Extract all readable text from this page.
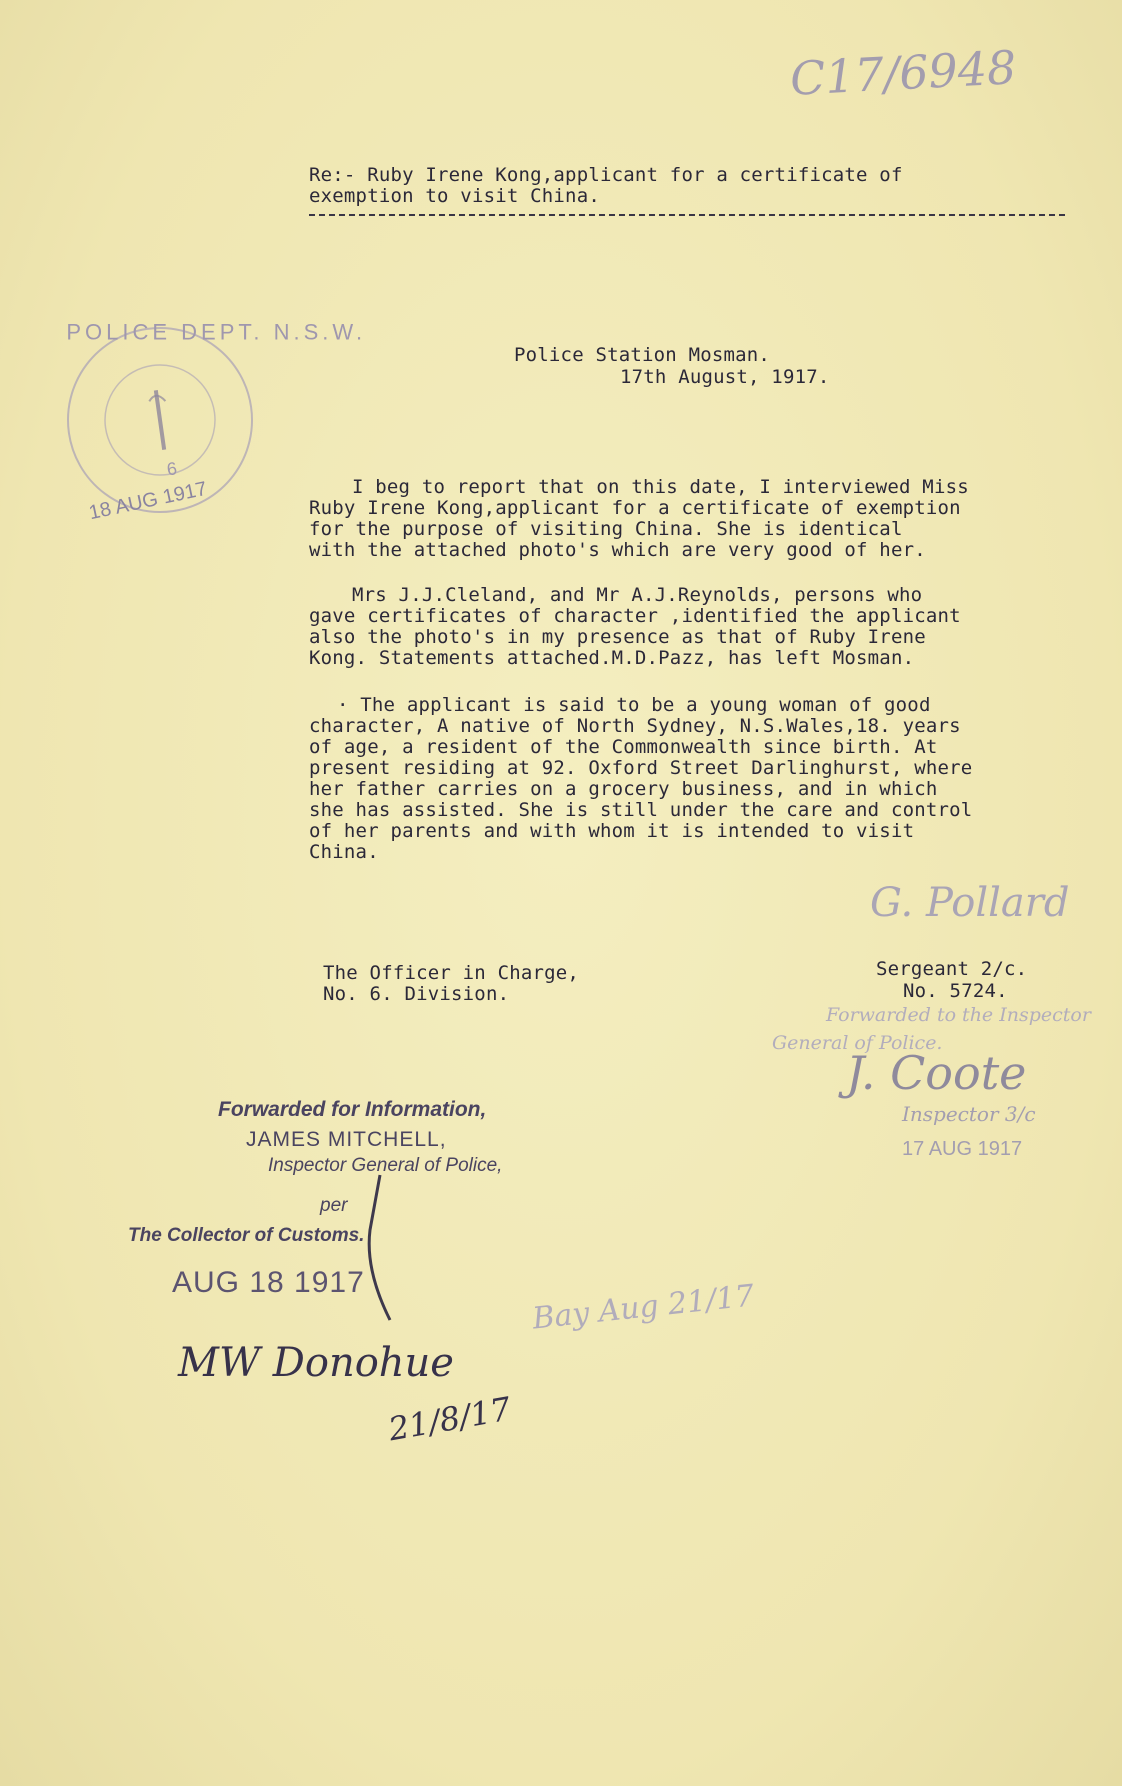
C17/6948
Re:- Ruby Irene Kong,applicant for a certificate of
exemption to visit China.
POLICE DEPT. N.S.W.
6
18 AUG 1917
Police Station Mosman.
17th August, 1917.
I beg to report that on this date, I interviewed Miss
Ruby Irene Kong,applicant for a certificate of exemption
for the purpose of visiting China. She is identical
with the attached photo's which are very good of her.
Mrs J.J.Cleland, and Mr A.J.Reynolds, persons who
gave certificates of character ,identified the applicant
also the photo's in my presence as that of Ruby Irene
Kong. Statements attached.M.D.Pazz, has left Mosman.
· The applicant is said to be a young woman of good
character, A native of North Sydney, N.S.Wales,18. years
of age, a resident of the Commonwealth since birth. At
present residing at 92. Oxford Street Darlinghurst, where
her father carries on a grocery business, and in which
she has assisted. She is still under the care and control
of her parents and with whom it is intended to visit
China.
G. Pollard
Sergeant 2/c.
No. 5724.
The Officer in Charge,
No. 6. Division.
Forwarded to the Inspector
General of Police.
J. Coote
Inspector 3/c
17 AUG 1917
Forwarded for Information,
JAMES MITCHELL,
Inspector General of Police,
per
The Collector of Customs.
AUG 18 1917	Bay Aug 21/17
MW Donohue
21/8/17
